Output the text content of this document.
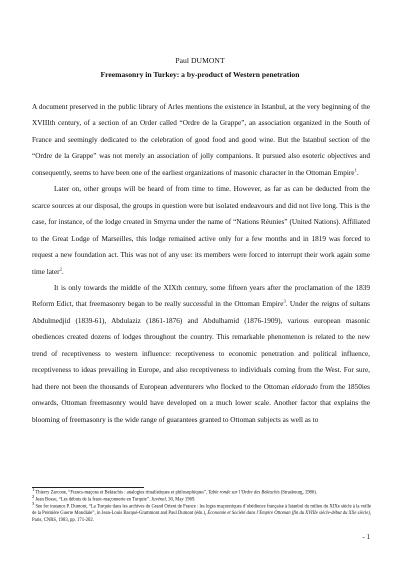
Paul DUMONT
Freemasonry in Turkey: a by-product of Western penetration

A document preserved in the public library of Arles mentions the existence in Istanbul, at the very beginning of the XVIIIth century, of a section of an Order called “Ordre de la Grappe”, an association organized in the South of France and seemingly dedicated to the celebration of good food and good wine. But the Istanbul section of the “Ordre de la Grappe” was not merely an association of jolly companions. It pursued also esoteric objectives and consequently, seems to have been one of the earliest organizations of masonic character in the Ottoman Empire$^1$.

Later on, other groups will be heard of from time to time. However, as far as can be deducted from the scarce sources at our disposal, the groups in question were but isolated endeavours and did not live long. This is the case, for instance, of the lodge created in Smyrna under the name of “Nations Réunies” (United Nations). Affiliated to the Great Lodge of Marseilles, this lodge remained active only for a few months and in 1819 was forced to request a new foundation act. This was not of any use: its members were forced to interrupt their work again some time later$^2$.

It is only towards the middle of the XIXth century, some fifteen years after the proclamation of the 1839 Reform Edict, that freemasonry began to be really successful in the Ottoman Empire$^3$. Under the reigns of sultans Abdulmedjid (1839-61), Abdulaziz (1861-1876) and Abdulhamid (1876-1909), various european masonic obediences created dozens of lodges throughout the country. This remarkable phenomenon is related to the new trend of receptiveness to western influence: receptiveness to economic penetration and political influence, receptiveness to ideas prevailing in Europe, and also receptiveness to individuals coming from the West. For sure, had there not been the thousands of European adventurers who flocked to the Ottoman eldorado from the 1850ies onwards, Ottoman freemasonry would have developed on a much lower scale. Another factor that explains the blooming of freemasonry is the wide range of guarantees granted to Ottoman subjects as well as to

$^1$ Thierry Zarcone, “Francs-maçons et Bektachis : analogies ritualistiques et philosophiques”, Table ronde sur l’Ordre des Bektachis (Strasbourg, 1986).
$^2$ Jean Bossu, “Les débuts de la franc-maçonnerie en Turquie”. Juvénal, 30, May 1969.
$^3$ See for instance P. Dumont, “La Turquie dans les archives du Grand Orient de France : les loges maçonniques d’obédience française à Istanbul du milieu du XIXe siècle à la veille de la Première Guerre Mondiale”, in Jean-Louis Bacqué-Grammont and Paul Dumont (éds.), Économie et Société dans l’Empire Ottoman (fin du XVIIIe siècle-début du XXe siècle), Paris, CNRS, 1983, pp. 171-202.
- 1
